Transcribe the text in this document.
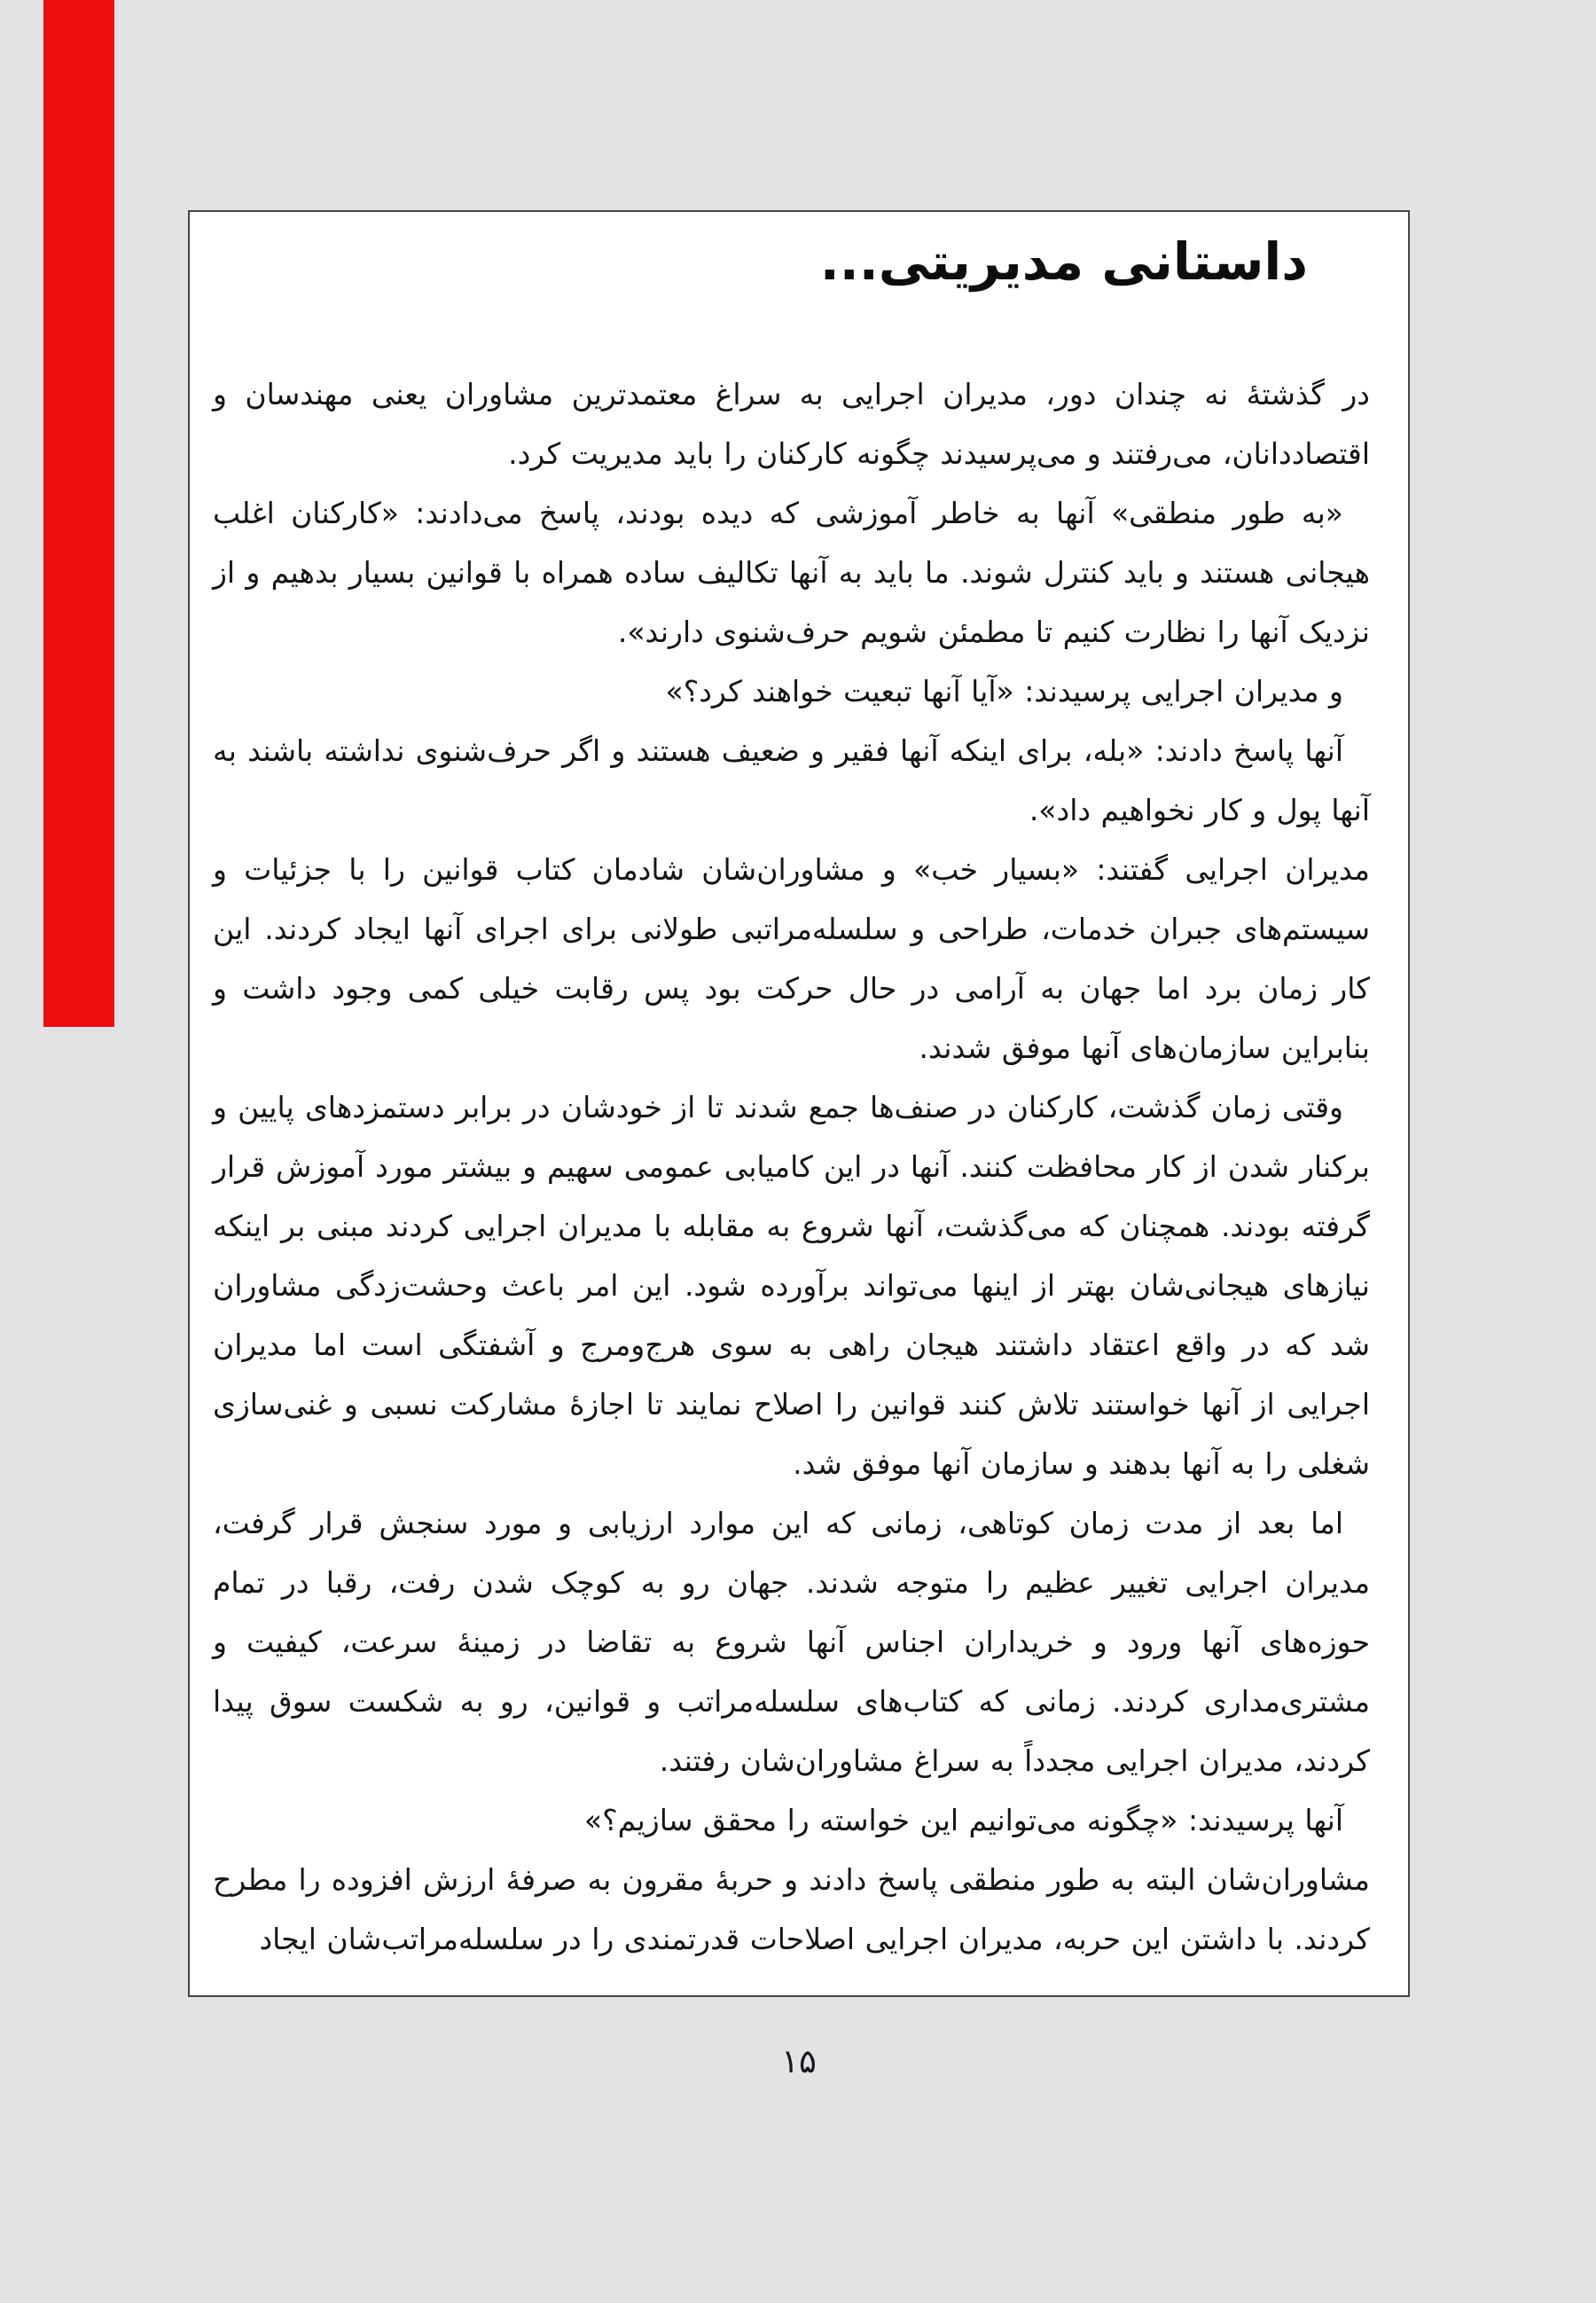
داستانی مدیریتی...

در گذشتهٔ نه چندان دور، مدیران اجرایی به سراغ معتمدترین مشاوران یعنی مهندسان و اقتصاددانان، می‌رفتند و می‌پرسیدند چگونه کارکنان را باید مدیریت کرد.

«به طور منطقی» آنها به خاطر آموزشی که دیده بودند، پاسخ می‌دادند: «کارکنان اغلب هیجانی هستند و باید کنترل شوند. ما باید به آنها تکالیف ساده همراه با قوانین بسیار بدهیم و از نزدیک آنها را نظارت کنیم تا مطمئن شویم حرف‌شنوی دارند».

و مدیران اجرایی پرسیدند: «آیا آنها تبعیت خواهند کرد؟»

آنها پاسخ دادند: «بله، برای اینکه آنها فقیر و ضعیف هستند و اگر حرف‌شنوی نداشته باشند به آنها پول و کار نخواهیم داد».

مدیران اجرایی گفتند: «بسیار خب» و مشاوران‌شان شادمان کتاب قوانین را با جزئیات و سیستم‌های جبران خدمات، طراحی و سلسله‌مراتبی طولانی برای اجرای آنها ایجاد کردند. این کار زمان برد اما جهان به آرامی در حال حرکت بود پس رقابت خیلی کمی وجود داشت و بنابراین سازمان‌های آنها موفق شدند.

وقتی زمان گذشت، کارکنان در صنف‌ها جمع شدند تا از خودشان در برابر دستمزدهای پایین و برکنار شدن از کار محافظت کنند. آنها در این کامیابی عمومی سهیم و بیشتر مورد آموزش قرار گرفته بودند. همچنان که می‌گذشت، آنها شروع به مقابله با مدیران اجرایی کردند مبنی بر اینکه نیازهای هیجانی‌شان بهتر از اینها می‌تواند برآورده شود. این امر باعث وحشت‌زدگی مشاوران شد که در واقع اعتقاد داشتند هیجان راهی به سوی هرج‌ومرج و آشفتگی است اما مدیران اجرایی از آنها خواستند تلاش کنند قوانین را اصلاح نمایند تا اجازهٔ مشارکت نسبی و غنی‌سازی شغلی را به آنها بدهند و سازمان آنها موفق شد.

اما بعد از مدت زمان کوتاهی، زمانی که این موارد ارزیابی و مورد سنجش قرار گرفت، مدیران اجرایی تغییر عظیم را متوجه شدند. جهان رو به کوچک شدن رفت، رقبا در تمام حوزه‌های آنها ورود و خریداران اجناس آنها شروع به تقاضا در زمینهٔ سرعت، کیفیت و مشتری‌مداری کردند. زمانی که کتاب‌های سلسله‌مراتب و قوانین، رو به شکست سوق پیدا کردند، مدیران اجرایی مجدداً به سراغ مشاوران‌شان رفتند.

آنها پرسیدند: «چگونه می‌توانیم این خواسته را محقق سازیم؟»

مشاوران‌شان البته به طور منطقی پاسخ دادند و حربهٔ مقرون به صرفهٔ ارزش افزوده را مطرح کردند. با داشتن این حربه، مدیران اجرایی اصلاحات قدرتمندی را در سلسله‌مراتب‌شان ایجاد

۱۵
